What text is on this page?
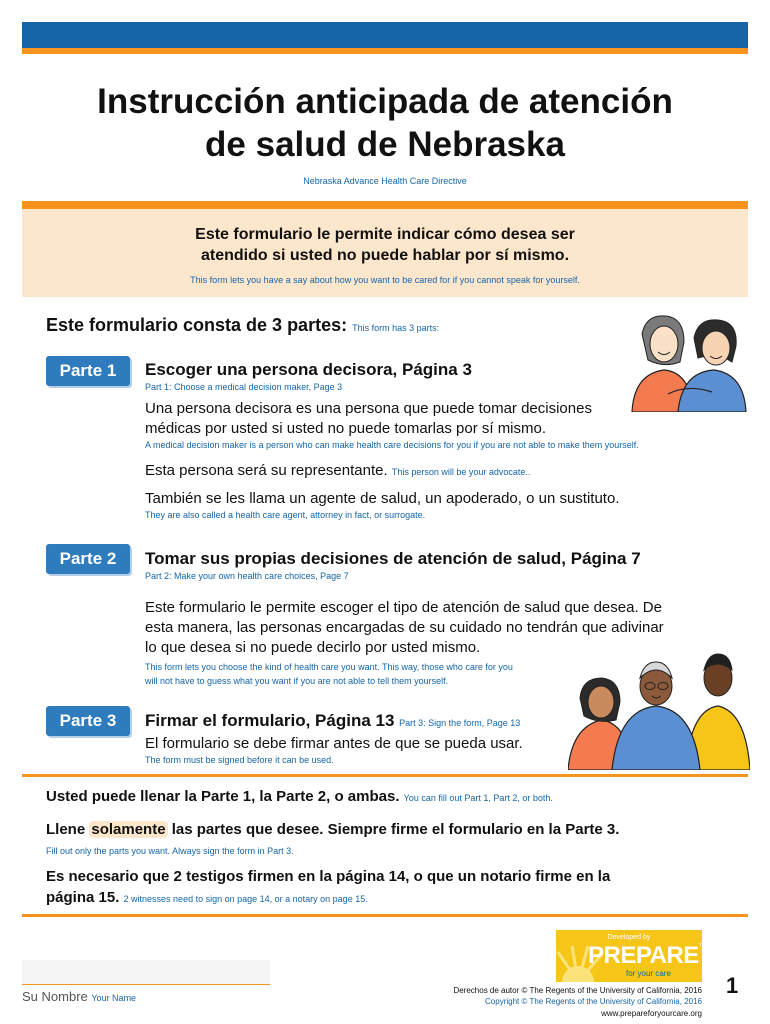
Instrucción anticipada de atención
de salud de Nebraska
Nebraska Advance Health Care Directive
Este formulario le permite indicar cómo desea ser
atendido si usted no puede hablar por sí mismo.
This form lets you have a say about how you want to be cared for if you cannot speak for yourself.
Este formulario consta de 3 partes: This form has 3 parts:
Parte 1	Escoger una persona decisora, Página 3
Part 1: Choose a medical decision maker, Page 3
Una persona decisora es una persona que puede tomar decisiones
médicas por usted si usted no puede tomarlas por sí mismo.
A medical decision maker is a person who can make health care decisions for you if you are not able to make them yourself.
Esta persona será su representante. This person will be your advocate..
También se les llama un agente de salud, un apoderado, o un sustituto.
They are also called a health care agent, attorney in fact, or surrogate.
Parte 2	Tomar sus propias decisiones de atención de salud, Página 7
Part 2: Make your own health care choices, Page 7
Este formulario le permite escoger el tipo de atención de salud que desea. De
esta manera, las personas encargadas de su cuidado no tendrán que adivinar
lo que desea si no puede decirlo por usted mismo.
This form lets you choose the kind of health care you want. This way, those who care for you
will not have to guess what you want if you are not able to tell them yourself.
Parte 3	Firmar el formulario, Página 13 Part 3: Sign the form, Page 13
El formulario se debe firmar antes de que se pueda usar.
The form must be signed before it can be used.
Usted puede llenar la Parte 1, la Parte 2, o ambas. You can fill out Part 1, Part 2, or both.
Llene solamente las partes que desee. Siempre firme el formulario en la Parte 3.
Fill out only the parts you want. Always sign the form in Part 3.
Es necesario que 2 testigos firmen en la página 14, o que un notario firme en la
página 15. 2 witnesses need to sign on page 14, or a notary on page 15.
Developed by
PREPARE™
for your care
Su Nombre Your Name
Derechos de autor © The Regents of the University of California, 2016
Copyright © The Regents of the University of California, 2016
www.prepareforyourcare.org
1
